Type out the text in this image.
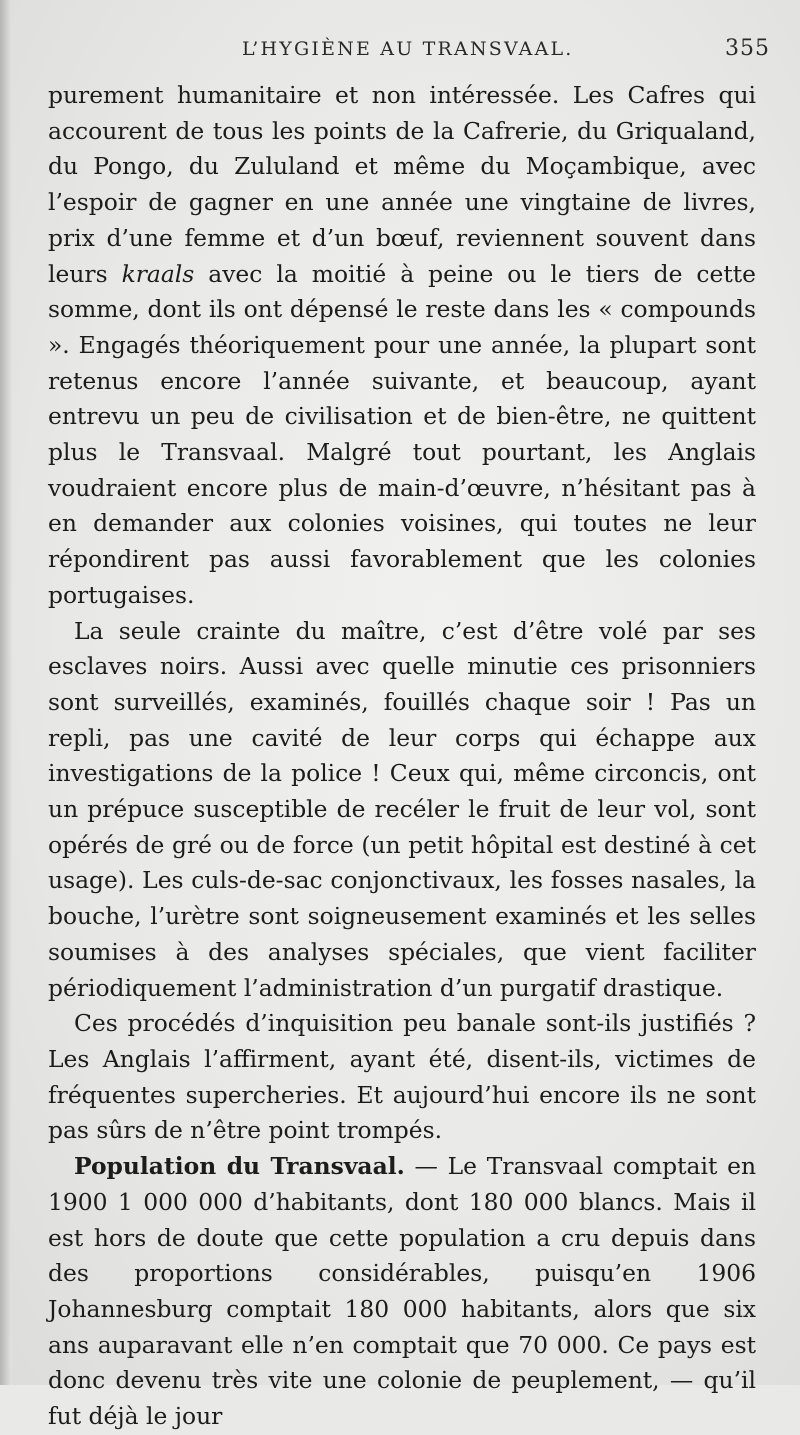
L’HYGIÈNE AU TRANSVAAL.	355

purement humanitaire et non intéressée. Les Cafres qui accourent de tous les points de la Cafrerie, du Griqualand, du Pongo, du Zululand et même du Moçambique, avec l’espoir de gagner en une année une vingtaine de livres, prix d’une femme et d’un bœuf, reviennent souvent dans leurs kraals avec la moitié à peine ou le tiers de cette somme, dont ils ont dépensé le reste dans les « compounds ». Engagés théoriquement pour une année, la plupart sont retenus encore l’année suivante, et beaucoup, ayant entrevu un peu de civilisation et de bien-être, ne quittent plus le Transvaal. Malgré tout pourtant, les Anglais voudraient encore plus de main-d’œuvre, n’hésitant pas à en demander aux colonies voisines, qui toutes ne leur répondirent pas aussi favorablement que les colonies portugaises.

La seule crainte du maître, c’est d’être volé par ses esclaves noirs. Aussi avec quelle minutie ces prisonniers sont surveillés, examinés, fouillés chaque soir ! Pas un repli, pas une cavité de leur corps qui échappe aux investigations de la police ! Ceux qui, même circoncis, ont un prépuce susceptible de recéler le fruit de leur vol, sont opérés de gré ou de force (un petit hôpital est destiné à cet usage). Les culs-de-sac conjonctivaux, les fosses nasales, la bouche, l’urètre sont soigneusement examinés et les selles soumises à des analyses spéciales, que vient faciliter périodiquement l’administration d’un purgatif drastique.

Ces procédés d’inquisition peu banale sont-ils justifiés ? Les Anglais l’affirment, ayant été, disent-ils, victimes de fréquentes supercheries. Et aujourd’hui encore ils ne sont pas sûrs de n’être point trompés.

Population du Transvaal. — Le Transvaal comptait en 1900 1 000 000 d’habitants, dont 180 000 blancs. Mais il est hors de doute que cette population a cru depuis dans des proportions considérables, puisqu’en 1906 Johannesburg comptait 180 000 habitants, alors que six ans auparavant elle n’en comptait que 70 000. Ce pays est donc devenu très vite une colonie de peuplement, — qu’il fut déjà le jour
